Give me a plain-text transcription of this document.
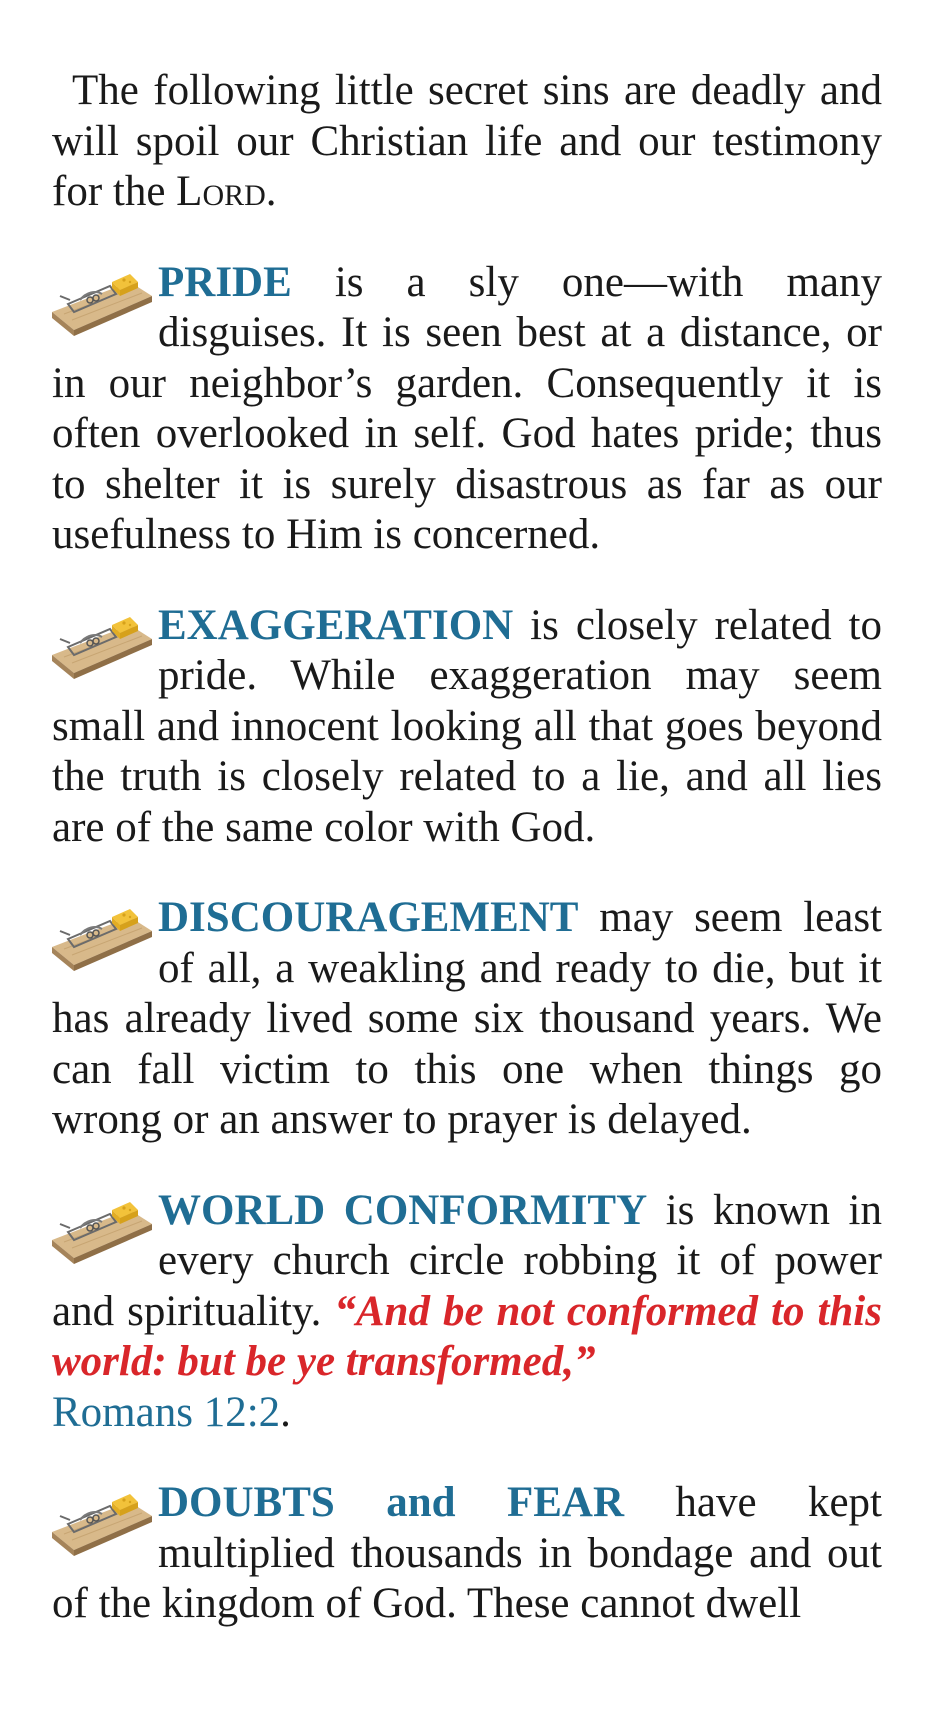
The following little secret sins are deadly and will spoil our Christian life and our testimony for the Lord.

PRIDE is a sly one—with many disguises. It is seen best at a distance, or in our neighbor’s garden. Consequently it is often overlooked in self. God hates pride; thus to shelter it is surely disastrous as far as our usefulness to Him is concerned.

EXAGGERATION is closely related to pride. While exaggeration may seem small and innocent looking all that goes beyond the truth is closely related to a lie, and all lies are of the same color with God.

DISCOURAGEMENT may seem least of all, a weakling and ready to die, but it has already lived some six thousand years. We can fall victim to this one when things go wrong or an answer to prayer is delayed.

WORLD CONFORMITY is known in every church circle robbing it of power and spirituality. “And be not conformed to this world: but be ye transformed,”
Romans 12:2.

DOUBTS and FEAR have kept multiplied thousands in bondage and out of the kingdom of God. These cannot dwell
